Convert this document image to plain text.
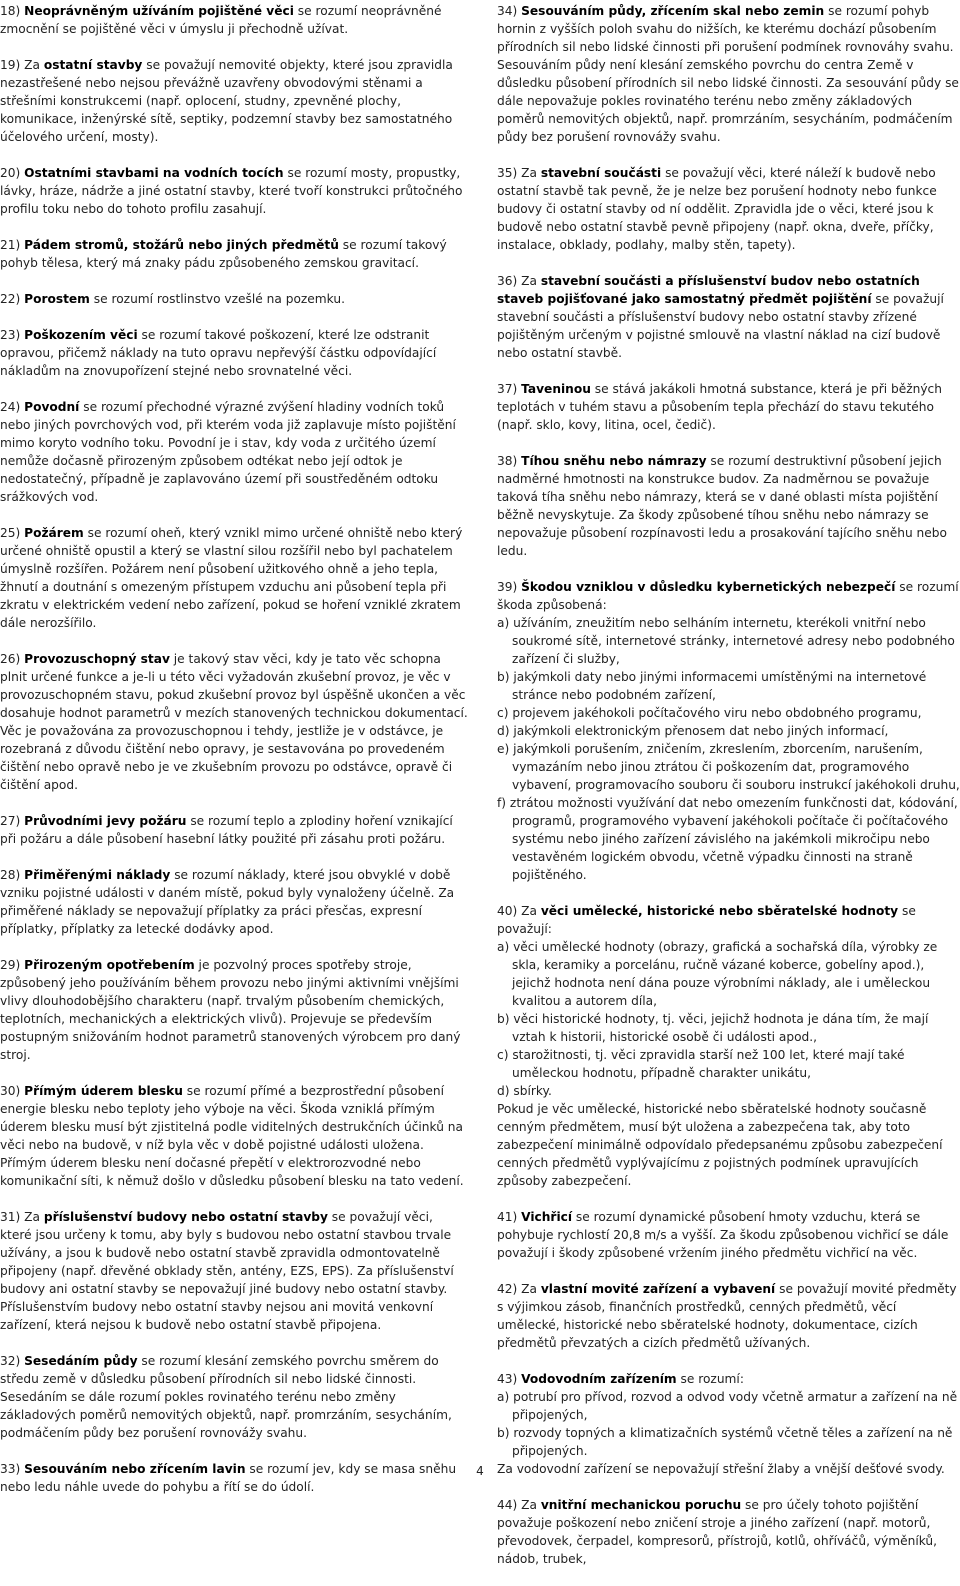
18) Neoprávněným užíváním pojištěné věci se rozumí neoprávněné zmocnění se pojištěné věci v úmyslu ji přechodně užívat.

19) Za ostatní stavby se považují nemovité objekty, které jsou zpravidla nezastřešené nebo nejsou převážně uzavřeny obvodovými stěnami a střešními konstrukcemi (např. oplocení, studny, zpevněné plochy, komunikace, inženýrské sítě, septiky, podzemní stavby bez samostatného účelového určení, mosty).

20) Ostatními stavbami na vodních tocích se rozumí mosty, propustky, lávky, hráze, nádrže a jiné ostatní stavby, které tvoří konstrukci průtočného profilu toku nebo do tohoto profilu zasahují.

21) Pádem stromů, stožárů nebo jiných předmětů se rozumí takový pohyb tělesa, který má znaky pádu způsobeného zemskou gravitací.

22) Porostem se rozumí rostlinstvo vzešlé na pozemku.

23) Poškozením věci se rozumí takové poškození, které lze odstranit opravou, přičemž náklady na tuto opravu nepřevýší částku odpovídající nákladům na znovupořízení stejné nebo srovnatelné věci.

24) Povodní se rozumí přechodné výrazné zvýšení hladiny vodních toků nebo jiných povrchových vod, při kterém voda již zaplavuje místo pojištění mimo koryto vodního toku. Povodní je i stav, kdy voda z určitého území nemůže dočasně přirozeným způsobem odtékat nebo její odtok je nedostatečný, případně je zaplavováno území při soustředěném odtoku srážkových vod.

25) Požárem se rozumí oheň, který vznikl mimo určené ohniště nebo který určené ohniště opustil a který se vlastní silou rozšířil nebo byl pachatelem úmyslně rozšířen. Požárem není působení užitkového ohně a jeho tepla, žhnutí a doutnání s omezeným přístupem vzduchu ani působení tepla při zkratu v elektrickém vedení nebo zařízení, pokud se hoření vzniklé zkratem dále nerozšířilo.

26) Provozuschopný stav je takový stav věci, kdy je tato věc schopna plnit určené funkce a je-li u této věci vyžadován zkušební provoz, je věc v provozuschopném stavu, pokud zkušební provoz byl úspěšně ukončen a věc dosahuje hodnot parametrů v mezích stanovených technickou dokumentací. Věc je považována za provozuschopnou i tehdy, jestliže je v odstávce, je rozebraná z důvodu čištění nebo opravy, je sestavována po provedeném čištění nebo opravě nebo je ve zkušebním provozu po odstávce, opravě či čištění apod.

27) Průvodními jevy požáru se rozumí teplo a zplodiny hoření vznikající při požáru a dále působení hasební látky použité při zásahu proti požáru.

28) Přiměřenými náklady se rozumí náklady, které jsou obvyklé v době vzniku pojistné události v daném místě, pokud byly vynaloženy účelně. Za přiměřené náklady se nepovažují příplatky za práci přesčas, expresní příplatky, příplatky za letecké dodávky apod.

29) Přirozeným opotřebením je pozvolný proces spotřeby stroje, způsobený jeho používáním během provozu nebo jinými aktivními vnějšími vlivy dlouhodobějšího charakteru (např. trvalým působením chemických, teplotních, mechanických a elektrických vlivů). Projevuje se především postupným snižováním hodnot parametrů stanovených výrobcem pro daný stroj.

30) Přímým úderem blesku se rozumí přímé a bezprostřední působení energie blesku nebo teploty jeho výboje na věci. Škoda vzniklá přímým úderem blesku musí být zjistitelná podle viditelných destrukčních účinků na věci nebo na budově, v níž byla věc v době pojistné události uložena. Přímým úderem blesku není dočasné přepětí v elektrorozvodné nebo komunikační síti, k němuž došlo v důsledku působení blesku na tato vedení.

31) Za příslušenství budovy nebo ostatní stavby se považují věci, které jsou určeny k tomu, aby byly s budovou nebo ostatní stavbou trvale užívány, a jsou k budově nebo ostatní stavbě zpravidla odmontovatelně připojeny (např. dřevěné obklady stěn, antény, EZS, EPS). Za příslušenství budovy ani ostatní stavby se nepovažují jiné budovy nebo ostatní stavby. Příslušenstvím budovy nebo ostatní stavby nejsou ani movitá venkovní zařízení, která nejsou k budově nebo ostatní stavbě připojena.

32) Sesedáním půdy se rozumí klesání zemského povrchu směrem do středu země v důsledku působení přírodních sil nebo lidské činnosti. Sesedáním se dále rozumí pokles rovinatého terénu nebo změny základových poměrů nemovitých objektů, např. promrzáním, sesycháním, podmáčením půdy bez porušení rovnovážy svahu.

33) Sesouváním nebo zřícením lavin se rozumí jev, kdy se masa sněhu nebo ledu náhle uvede do pohybu a řítí se do údolí.

34) Sesouváním půdy, zřícením skal nebo zemin se rozumí pohyb hornin z vyšších poloh svahu do nižších, ke kterému dochází působením přírodních sil nebo lidské činnosti při porušení podmínek rovnováhy svahu. Sesouváním půdy není klesání zemského povrchu do centra Země v důsledku působení přírodních sil nebo lidské činnosti. Za sesouvání půdy se dále nepovažuje pokles rovinatého terénu nebo změny základových poměrů nemovitých objektů, např. promrzáním, sesycháním, podmáčením půdy bez porušení rovnovážy svahu.

35) Za stavební součásti se považují věci, které náleží k budově nebo ostatní stavbě tak pevně, že je nelze bez porušení hodnoty nebo funkce budovy či ostatní stavby od ní oddělit. Zpravidla jde o věci, které jsou k budově nebo ostatní stavbě pevně připojeny (např. okna, dveře, příčky, instalace, obklady, podlahy, malby stěn, tapety).

36) Za stavební součásti a příslušenství budov nebo ostatních staveb pojišťované jako samostatný předmět pojištění se považují stavební součásti a příslušenství budovy nebo ostatní stavby zřízené pojištěným určeným v pojistné smlouvě na vlastní náklad na cizí budově nebo ostatní stavbě.

37) Taveninou se stává jakákoli hmotná substance, která je při běžných teplotách v tuhém stavu a působením tepla přechází do stavu tekutého (např. sklo, kovy, litina, ocel, čedič).

38) Tíhou sněhu nebo námrazy se rozumí destruktivní působení jejich nadměrné hmotnosti na konstrukce budov. Za nadměrnou se považuje taková tíha sněhu nebo námrazy, která se v dané oblasti místa pojištění běžně nevyskytuje. Za škody způsobené tíhou sněhu nebo námrazy se nepovažuje působení rozpínavosti ledu a prosakování tajícího sněhu nebo ledu.

39) Škodou vzniklou v důsledku kybernetických nebezpečí se rozumí škoda způsobená:

a) užíváním, zneužitím nebo selháním internetu, kterékoli vnitřní nebo soukromé sítě, internetové stránky, internetové adresy nebo podobného zařízení či služby,

b) jakýmkoli daty nebo jinými informacemi umístěnými na internetové stránce nebo podobném zařízení,

c) projevem jakéhokoli počítačového viru nebo obdobného programu,

d) jakýmkoli elektronickým přenosem dat nebo jiných informací,

e) jakýmkoli porušením, zničením, zkreslením, zborcením, narušením, vymazáním nebo jinou ztrátou či poškozením dat, programového vybavení, programovacího souboru či souboru instrukcí jakéhokoli druhu,

f) ztrátou možnosti využívání dat nebo omezením funkčnosti dat, kódování, programů, programového vybavení jakéhokoli počítače či počítačového systému nebo jiného zařízení závislého na jakémkoli mikročipu nebo vestavěném logickém obvodu, včetně výpadku činnosti na straně pojištěného.

40) Za věci umělecké, historické nebo sběratelské hodnoty se považují:

a) věci umělecké hodnoty (obrazy, grafická a sochařská díla, výrobky ze skla, keramiky a porcelánu, ručně vázané koberce, gobelíny apod.), jejichž hodnota není dána pouze výrobními náklady, ale i uměleckou kvalitou a autorem díla,

b) věci historické hodnoty, tj. věci, jejichž hodnota je dána tím, že mají vztah k historii, historické osobě či události apod.,

c) starožitnosti, tj. věci zpravidla starší než 100 let, které mají také uměleckou hodnotu, případně charakter unikátu,

d) sbírky.

Pokud je věc umělecké, historické nebo sběratelské hodnoty současně cenným předmětem, musí být uložena a zabezpečena tak, aby toto zabezpečení minimálně odpovídalo předepsanému způsobu zabezpečení cenných předmětů vyplývajícímu z pojistných podmínek upravujících způsoby zabezpečení.

41) Vichřicí se rozumí dynamické působení hmoty vzduchu, která se pohybuje rychlostí 20,8 m/s a vyšší. Za škodu způsobenou vichřicí se dále považují i škody způsobené vržením jiného předmětu vichřicí na věc.

42) Za vlastní movité zařízení a vybavení se považují movité předměty s výjimkou zásob, finančních prostředků, cenných předmětů, věcí umělecké, historické nebo sběratelské hodnoty, dokumentace, cizích předmětů převzatých a cizích předmětů užívaných.

43) Vodovodním zařízením se rozumí:

a) potrubí pro přívod, rozvod a odvod vody včetně armatur a zařízení na ně připojených,

b) rozvody topných a klimatizačních systémů včetně těles a zařízení na ně připojených.

Za vodovodní zařízení se nepovažují střešní žlaby a vnější dešťové svody.

44) Za vnitřní mechanickou poruchu se pro účely tohoto pojištění považuje poškození nebo zničení stroje a jiného zařízení (např. motorů, převodovek, čerpadel, kompresorů, přístrojů, kotlů, ohříváčů, výměníků, nádob, trubek,

4
